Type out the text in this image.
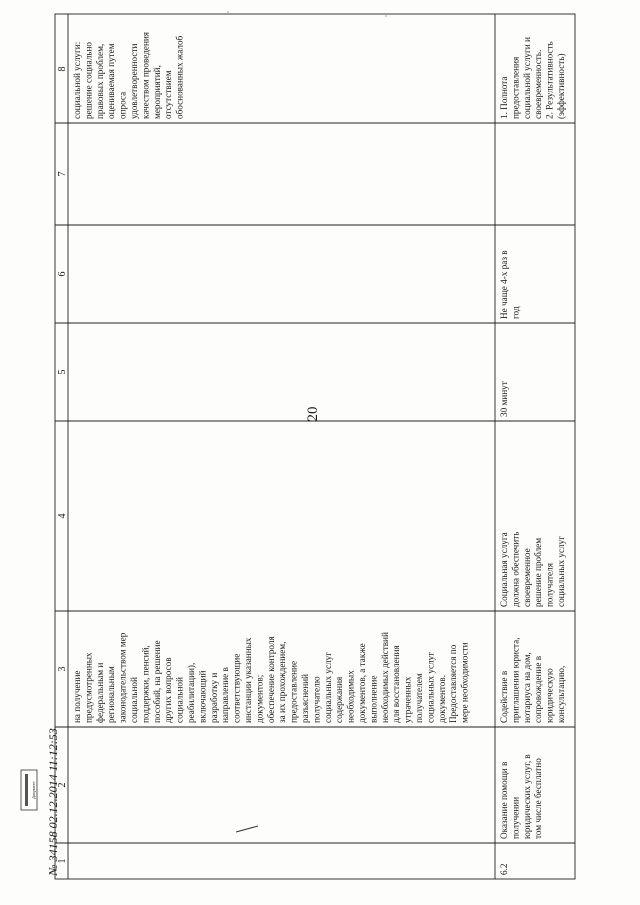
20
1
2
3
4
5
6
7
8
на получение предусмотренных федеральным и региональным законодательством мер социальной поддержки, пенсий, пособий, на решение других вопросов социальной реабилитации), включающий разработку и направление в соответствующие инстанции указанных документов; обеспечение контроля за их прохождением, предоставление разъяснений получателю социальных услуг содержания необходимых документов, а также выполнение необходимых действий для восстановления утраченных получателем социальных услуг документов. Предоставляется по мере необходимости
социальной услуги: решение социально правовых проблем, оцениваемая путем опроса удовлетворенности качеством проведения мероприятий, отсутствием обоснованных жалоб
6.2
Оказание помощи в получении юридических услуг, в том числе бесплатно
Содействие в приглашении юриста, нотариуса на дом, сопровождение в юридическую консультацию,
Социальная услуга должна обеспечить своевременное решение проблем получателя социальных услуг
30 минут
Не чаще 4-х раз в год
1. Полнота предоставления социальной услуги и своевременность. 2. Результативность (эффективность)
Документ № 34158 02.12.2014 11:12:53
